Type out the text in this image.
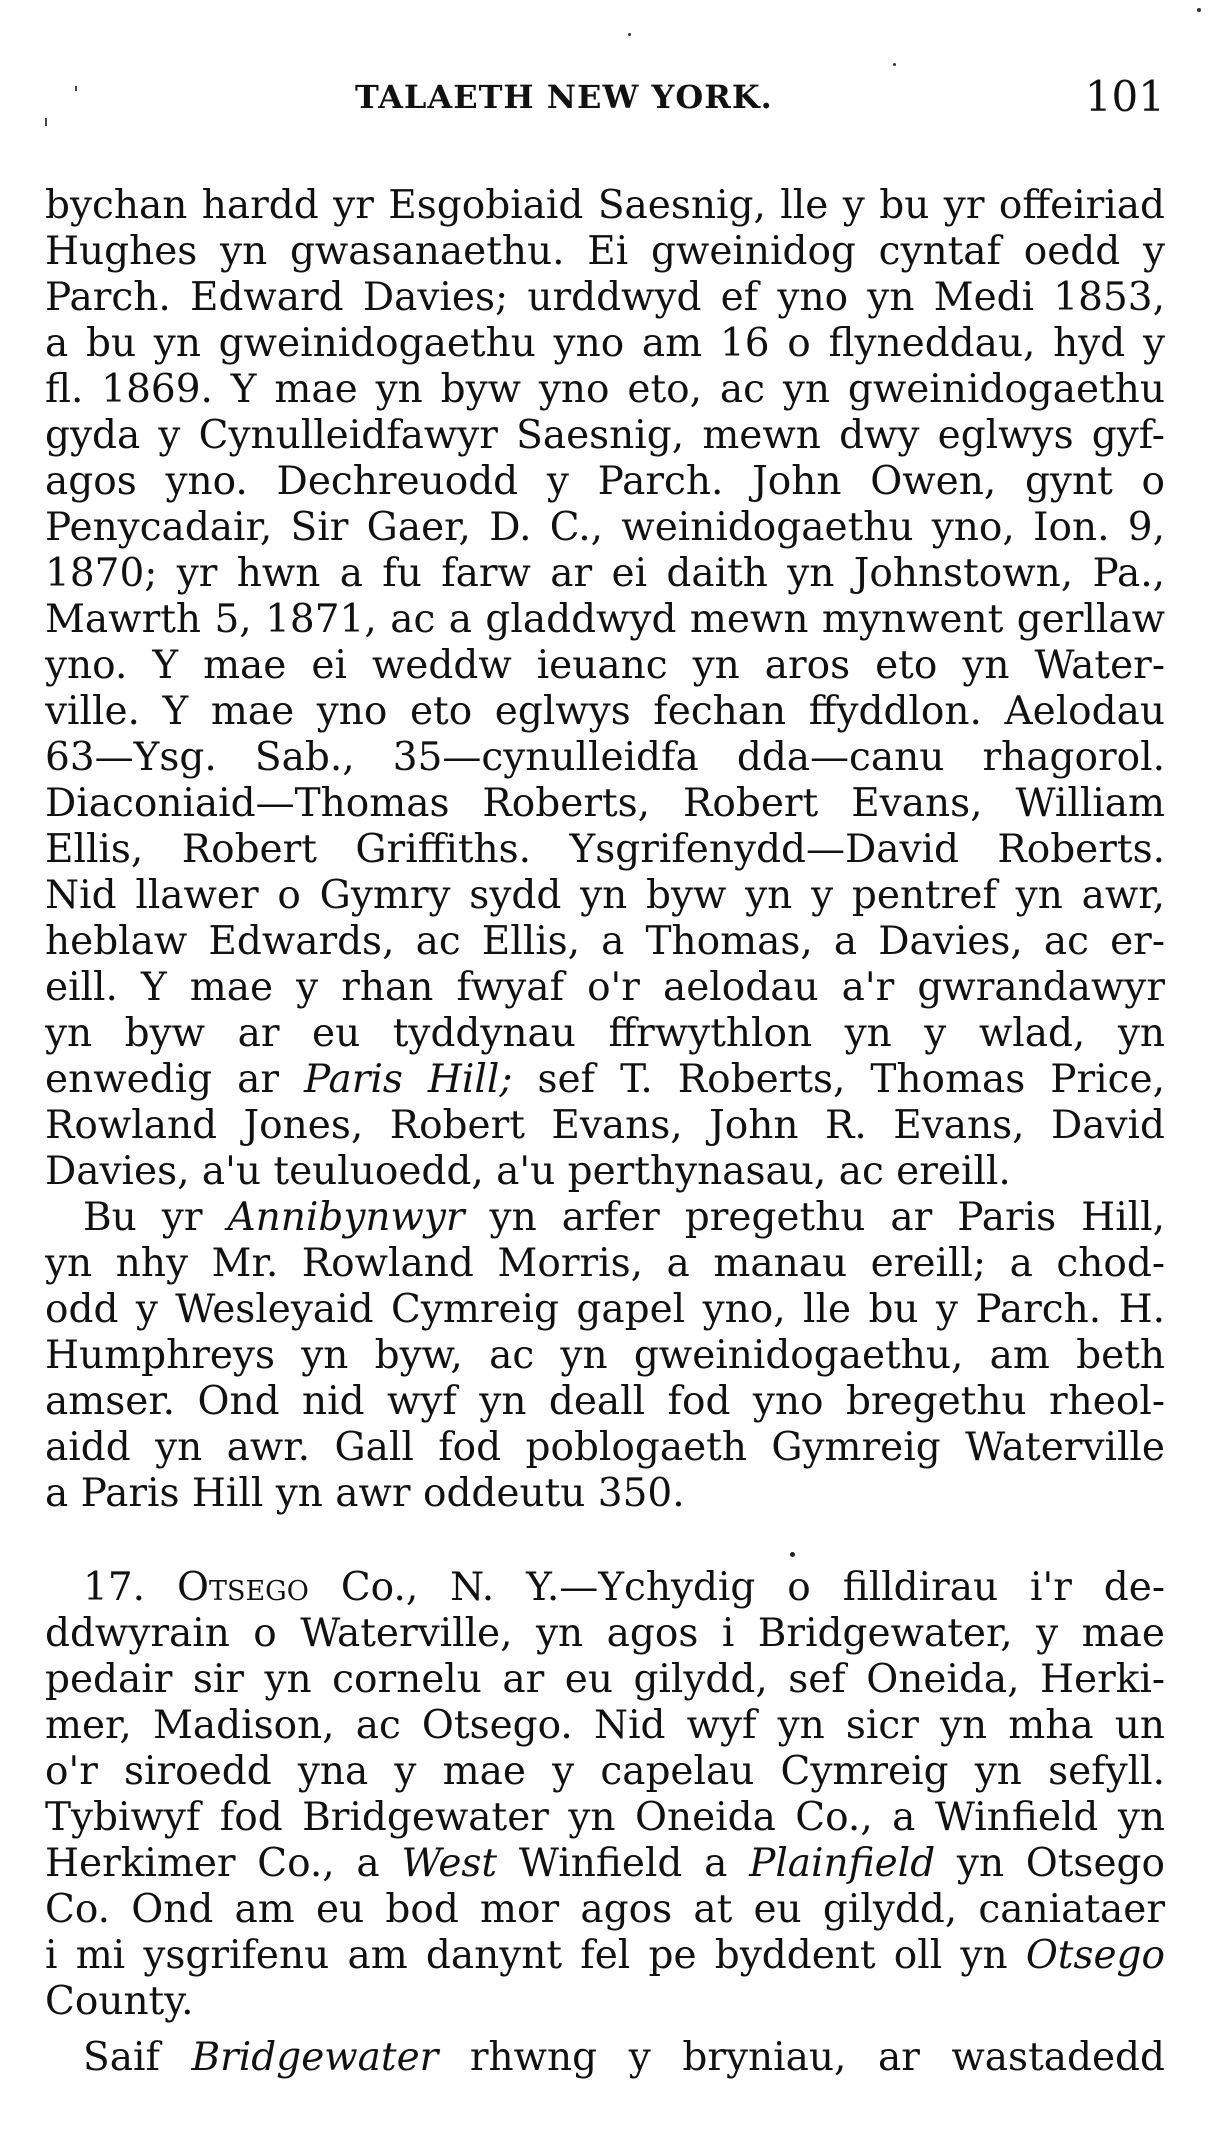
TALAETH NEW YORK.	101
bychan hardd yr Esgobiaid Saesnig, lle y bu yr offeiriad
Hughes yn gwasanaethu. Ei gweinidog cyntaf oedd y
Parch. Edward Davies; urddwyd ef yno yn Medi 1853,
a bu yn gweinidogaethu yno am 16 o flyneddau, hyd y
fl. 1869. Y mae yn byw yno eto, ac yn gweinidogaethu
gyda y Cynulleidfawyr Saesnig, mewn dwy eglwys gyf-
agos yno. Dechreuodd y Parch. John Owen, gynt o
Penycadair, Sir Gaer, D. C., weinidogaethu yno, Ion. 9,
1870; yr hwn a fu farw ar ei daith yn Johnstown, Pa.,
Mawrth 5, 1871, ac a gladdwyd mewn mynwent gerllaw
yno. Y mae ei weddw ieuanc yn aros eto yn Water-
ville. Y mae yno eto eglwys fechan ffyddlon. Aelodau
63—Ysg. Sab., 35—cynulleidfa dda—canu rhagorol.
Diaconiaid—Thomas Roberts, Robert Evans, William
Ellis, Robert Griffiths. Ysgrifenydd—David Roberts.
Nid llawer o Gymry sydd yn byw yn y pentref yn awr,
heblaw Edwards, ac Ellis, a Thomas, a Davies, ac er-
eill. Y mae y rhan fwyaf o'r aelodau a'r gwrandawyr
yn byw ar eu tyddynau ffrwythlon yn y wlad, yn
enwedig ar Paris Hill; sef T. Roberts, Thomas Price,
Rowland Jones, Robert Evans, John R. Evans, David
Davies, a'u teuluoedd, a'u perthynasau, ac ereill.
Bu yr Annibynwyr yn arfer pregethu ar Paris Hill,
yn nhy Mr. Rowland Morris, a manau ereill; a chod-
odd y Wesleyaid Cymreig gapel yno, lle bu y Parch. H.
Humphreys yn byw, ac yn gweinidogaethu, am beth
amser. Ond nid wyf yn deall fod yno bregethu rheol-
aidd yn awr. Gall fod poblogaeth Gymreig Waterville
a Paris Hill yn awr oddeutu 350.
17. Otsego Co., N. Y.—Ychydig o filldirau i'r de-
ddwyrain o Waterville, yn agos i Bridgewater, y mae
pedair sir yn cornelu ar eu gilydd, sef Oneida, Herki-
mer, Madison, ac Otsego. Nid wyf yn sicr yn mha un
o'r siroedd yna y mae y capelau Cymreig yn sefyll.
Tybiwyf fod Bridgewater yn Oneida Co., a Winfield yn
Herkimer Co., a West Winfield a Plainfield yn Otsego
Co. Ond am eu bod mor agos at eu gilydd, caniataer
i mi ysgrifenu am danynt fel pe byddent oll yn Otsego
County.
Saif Bridgewater rhwng y bryniau, ar wastadedd
